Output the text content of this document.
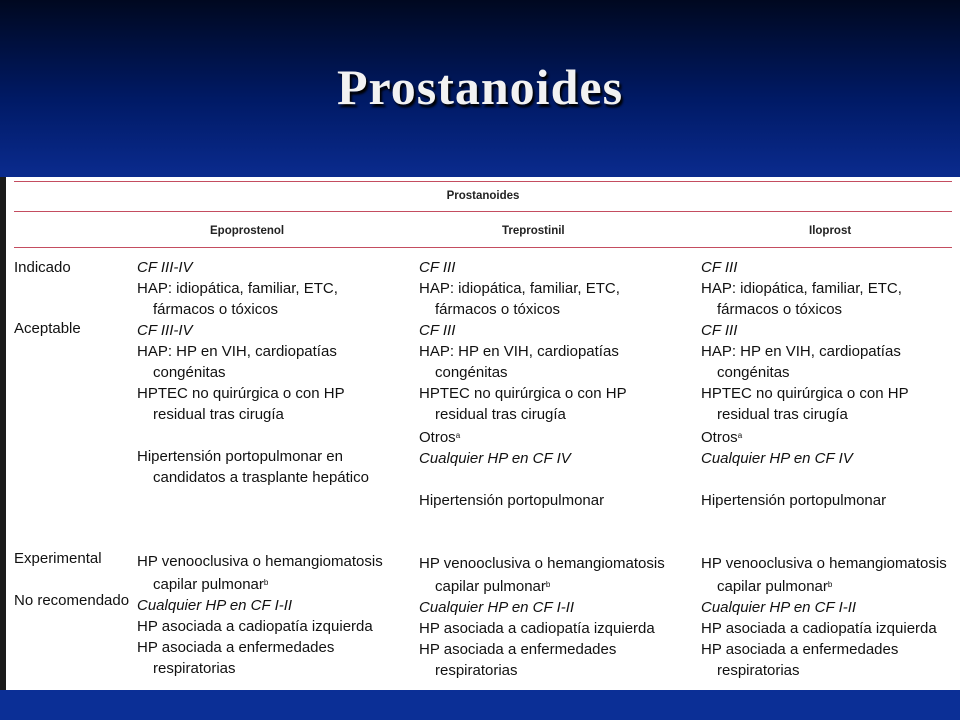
Prostanoides
Prostanoides
Epoprostenol	Treprostinil	Iloprost
Indicado
Aceptable
Experimental
No recomendado
CF III-IV
HAP: idiopática, familiar, ETC,
fármacos o tóxicos
CF III-IV
HAP: HP en VIH, cardiopatías
congénitas
HPTEC no quirúrgica o con HP
residual tras cirugía
Hipertensión portopulmonar en
candidatos a trasplante hepático
HP venooclusiva o hemangiomatosis
capilar pulmonar$^b$
Cualquier HP en CF I-II
HP asociada a cadiopatía izquierda
HP asociada a enfermedades
respiratorias
CF III
HAP: idiopática, familiar, ETC,
fármacos o tóxicos
CF III
HAP: HP en VIH, cardiopatías
congénitas
HPTEC no quirúrgica o con HP
residual tras cirugía
Otros$^a$
Cualquier HP en CF IV
Hipertensión portopulmonar
HP venooclusiva o hemangiomatosis
capilar pulmonar$^b$
Cualquier HP en CF I-II
HP asociada a cadiopatía izquierda
HP asociada a enfermedades
respiratorias
CF III
HAP: idiopática, familiar, ETC,
fármacos o tóxicos
CF III
HAP: HP en VIH, cardiopatías
congénitas
HPTEC no quirúrgica o con HP
residual tras cirugía
Otros$^a$
Cualquier HP en CF IV
Hipertensión portopulmonar
HP venooclusiva o hemangiomatosis
capilar pulmonar$^b$
Cualquier HP en CF I-II
HP asociada a cadiopatía izquierda
HP asociada a enfermedades
respiratorias
